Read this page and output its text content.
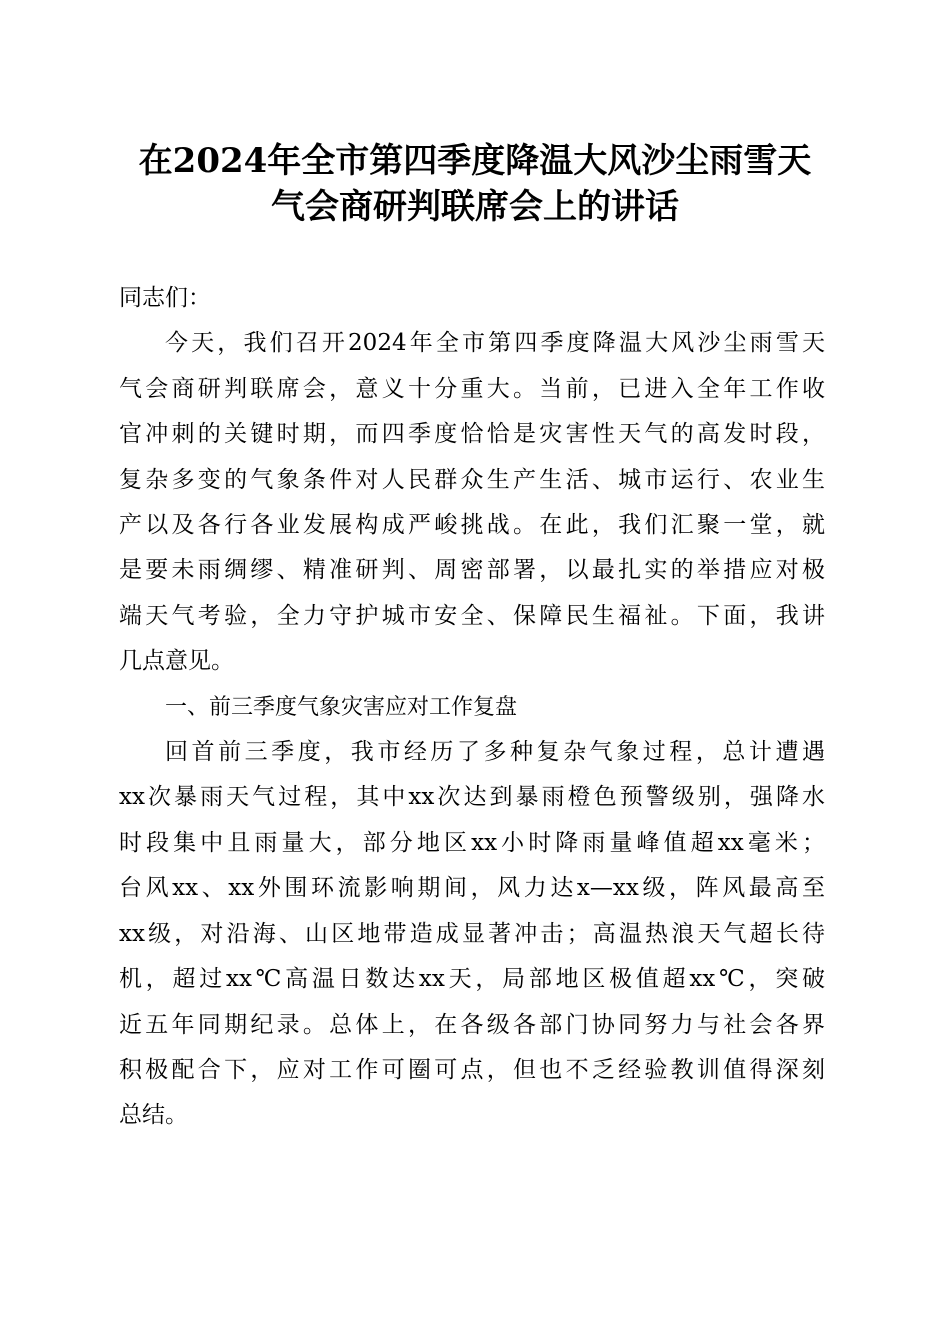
在2024年全市第四季度降温大风沙尘雨雪天
气会商研判联席会上的讲话
同志们：

今天，我们召开2024年全市第四季度降温大风沙尘雨雪天
气会商研判联席会，意义十分重大。当前，已进入全年工作收
官冲刺的关键时期，而四季度恰恰是灾害性天气的高发时段，
复杂多变的气象条件对人民群众生产生活、城市运行、农业生
产以及各行各业发展构成严峻挑战。在此，我们汇聚一堂，就
是要未雨绸缪、精准研判、周密部署，以最扎实的举措应对极
端天气考验，全力守护城市安全、保障民生福祉。下面，我讲
几点意见。

一、前三季度气象灾害应对工作复盘

回首前三季度，我市经历了多种复杂气象过程，总计遭遇
xx次暴雨天气过程，其中xx次达到暴雨橙色预警级别，强降水
时段集中且雨量大，部分地区xx小时降雨量峰值超xx毫米；
台风xx、xx外围环流影响期间，风力达x—xx级，阵风最高至
xx级，对沿海、山区地带造成显著冲击；高温热浪天气超长待
机，超过xx℃高温日数达xx天，局部地区极值超xx℃，突破
近五年同期纪录。总体上，在各级各部门协同努力与社会各界
积极配合下，应对工作可圈可点，但也不乏经验教训值得深刻
总结。
